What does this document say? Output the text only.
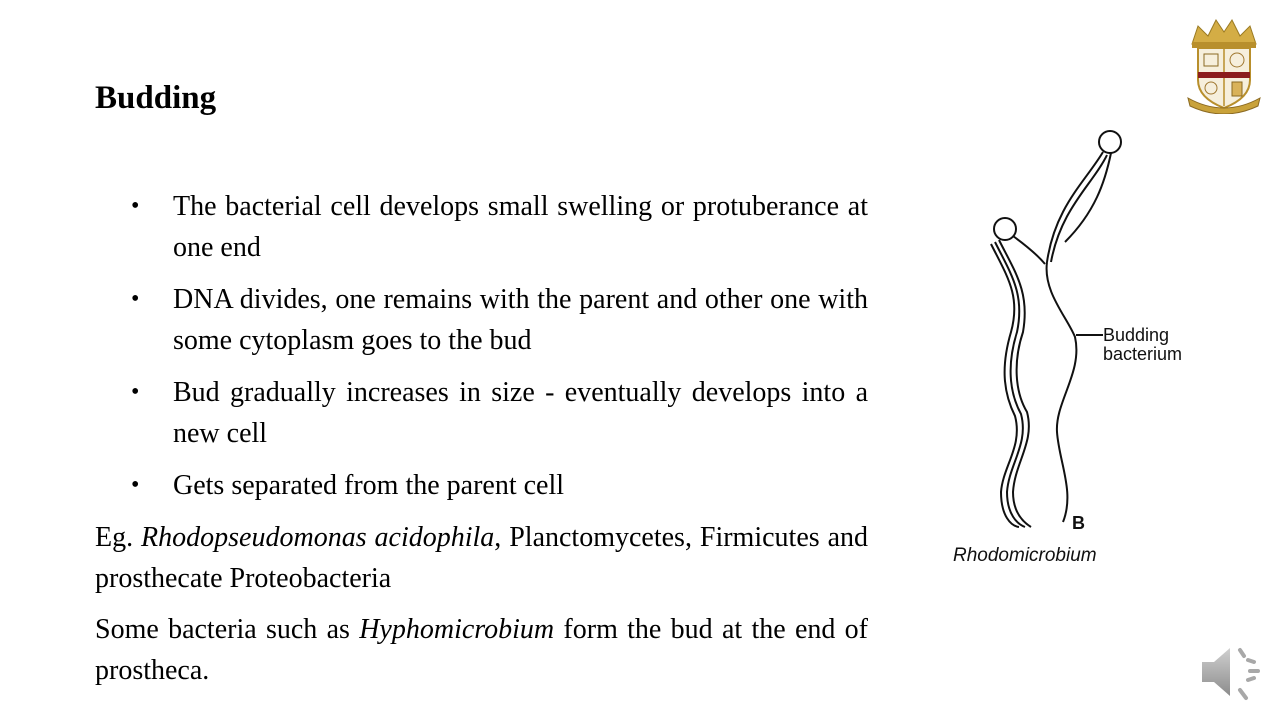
Budding
• The bacterial cell develops small swelling or protuberance at one end
• DNA divides, one remains with the parent and other one with some cytoplasm goes to the bud
• Bud gradually increases in size - eventually develops into a new cell
• Gets separated from the parent cell

Eg. Rhodopseudomonas acidophila, Planctomycetes, Firmicutes and prosthecate Proteobacteria

Some bacteria such as Hyphomicrobium form the bud at the end of prostheca.

Budding
bacterium
B
Rhodomicrobium
